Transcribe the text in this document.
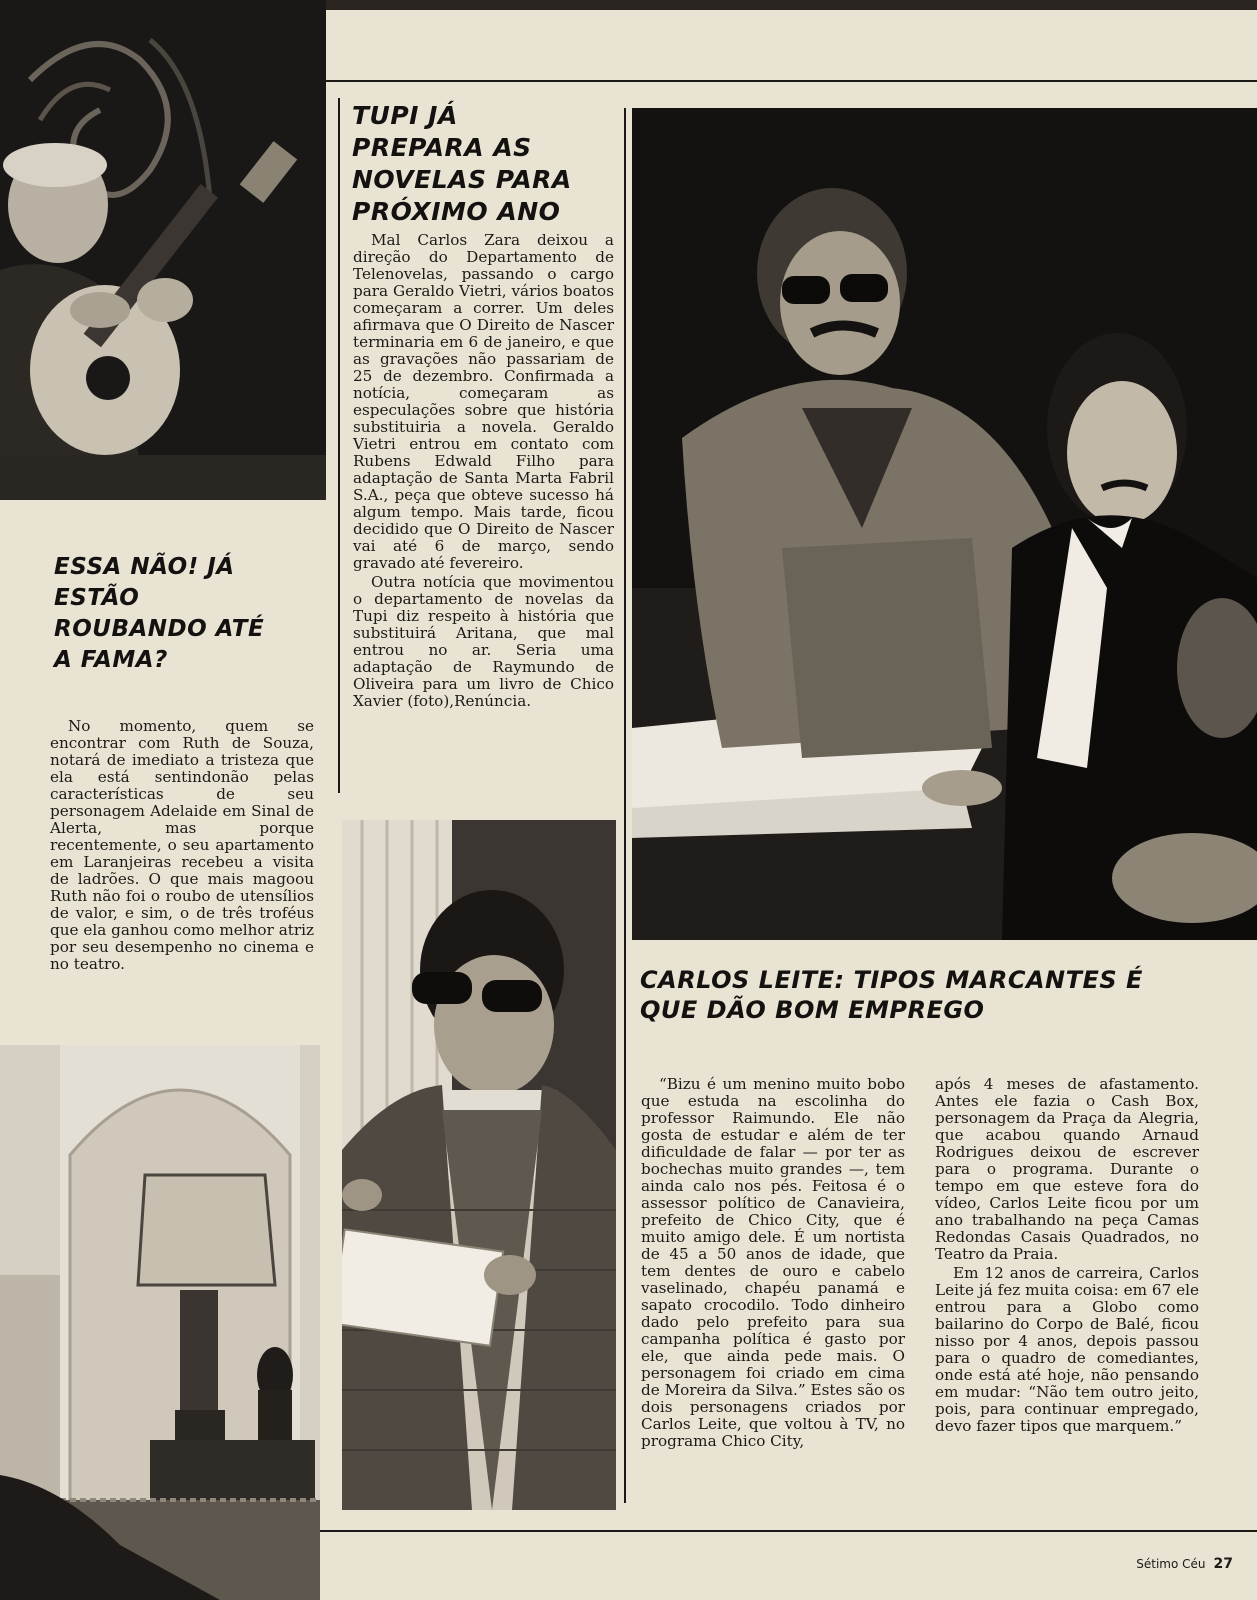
ESSA NÃO! JÁ ESTÃO ROUBANDO ATÉ A FAMA?

No momento, quem se encontrar com Ruth de Souza, notará de imediato a tristeza que ela está sentindonão pelas características de seu personagem Adelaide em Sinal de Alerta, mas porque recentemente, o seu apartamento em Laranjeiras recebeu a visita de ladrões. O que mais magoou Ruth não foi o roubo de utensílios de valor, e sim, o de três troféus que ela ganhou como melhor atriz por seu desempenho no cinema e no teatro.

TUPI JÁ PREPARA AS NOVELAS PARA PRÓXIMO ANO

Mal Carlos Zara deixou a direção do Departamento de Telenovelas, passando o cargo para Geraldo Vietri, vários boatos começaram a correr. Um deles afirmava que O Direito de Nascer terminaria em 6 de janeiro, e que as gravações não passariam de 25 de dezembro. Confirmada a notícia, começaram as especulações sobre que história substituiria a novela. Geraldo Vietri entrou em contato com Rubens Edwald Filho para adaptação de Santa Marta Fabril S.A., peça que obteve sucesso há algum tempo. Mais tarde, ficou decidido que O Direito de Nascer vai até 6 de março, sendo gravado até fevereiro.

Outra notícia que movimentou o departamento de novelas da Tupi diz respeito à história que substituirá Aritana, que mal entrou no ar. Seria uma adaptação de Raymundo de Oliveira para um livro de Chico Xavier (foto),Renúncia.

CARLOS LEITE: TIPOS MARCANTES É QUE DÃO BOM EMPREGO

“Bizu é um menino muito bobo que estuda na escolinha do professor Raimundo. Ele não gosta de estudar e além de ter dificuldade de falar — por ter as bochechas muito grandes —, tem ainda calo nos pés. Feitosa é o assessor político de Canavieira, prefeito de Chico City, que é muito amigo dele. É um nortista de 45 a 50 anos de idade, que tem dentes de ouro e cabelo vaselinado, chapéu panamá e sapato crocodilo. Todo dinheiro dado pelo prefeito para sua campanha política é gasto por ele, que ainda pede mais. O personagem foi criado em cima de Moreira da Silva.” Estes são os dois personagens criados por Carlos Leite, que voltou à TV, no programa Chico City,

após 4 meses de afastamento. Antes ele fazia o Cash Box, personagem da Praça da Alegria, que acabou quando Arnaud Rodrigues deixou de escrever para o programa. Durante o tempo em que esteve fora do vídeo, Carlos Leite ficou por um ano trabalhando na peça Camas Redondas Casais Quadrados, no Teatro da Praia.

Em 12 anos de carreira, Carlos Leite já fez muita coisa: em 67 ele entrou para a Globo como bailarino do Corpo de Balé, ficou nisso por 4 anos, depois passou para o quadro de comediantes, onde está até hoje, não pensando em mudar: “Não tem outro jeito, pois, para continuar empregado, devo fazer tipos que marquem.”

Sétimo Céu 27
